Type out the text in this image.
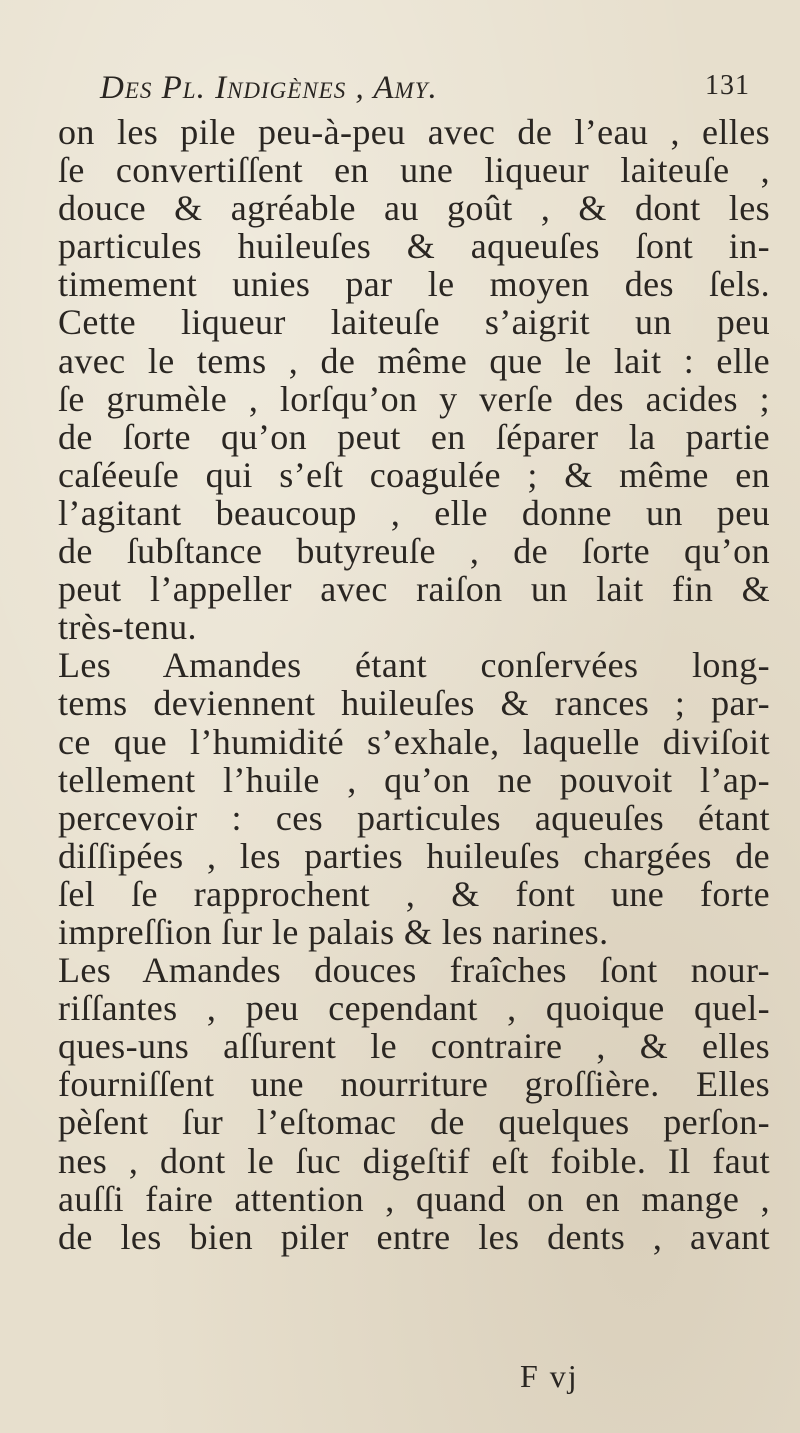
Des Pl. Indigènes , Amy.	131
on les pile peu-à-peu avec de l’eau , elles
ſe convertiſſent en une liqueur laiteuſe ,
douce & agréable au goût , & dont les
particules huileuſes & aqueuſes ſont in-
timement unies par le moyen des ſels.
Cette liqueur laiteuſe s’aigrit un peu
avec le tems , de même que le lait : elle
ſe grumèle , lorſqu’on y verſe des acides ;
de ſorte qu’on peut en ſéparer la partie
caſéeuſe qui s’eſt coagulée ; & même en
l’agitant beaucoup , elle donne un peu
de ſubſtance butyreuſe , de ſorte qu’on
peut l’appeller avec raiſon un lait fin &
très-tenu.
Les Amandes étant conſervées long-
tems deviennent huileuſes & rances ; par-
ce que l’humidité s’exhale, laquelle diviſoit
tellement l’huile , qu’on ne pouvoit l’ap-
percevoir : ces particules aqueuſes étant
diſſipées , les parties huileuſes chargées de
ſel ſe rapprochent , & font une forte
impreſſion ſur le palais & les narines.
Les Amandes douces fraîches ſont nour-
riſſantes , peu cependant , quoique quel-
ques-uns aſſurent le contraire , & elles
fourniſſent une nourriture groſſière. Elles
pèſent ſur l’eſtomac de quelques perſon-
nes , dont le ſuc digeſtif eſt foible. Il faut
auſſi faire attention , quand on en mange ,
de les bien piler entre les dents , avant
F vj
